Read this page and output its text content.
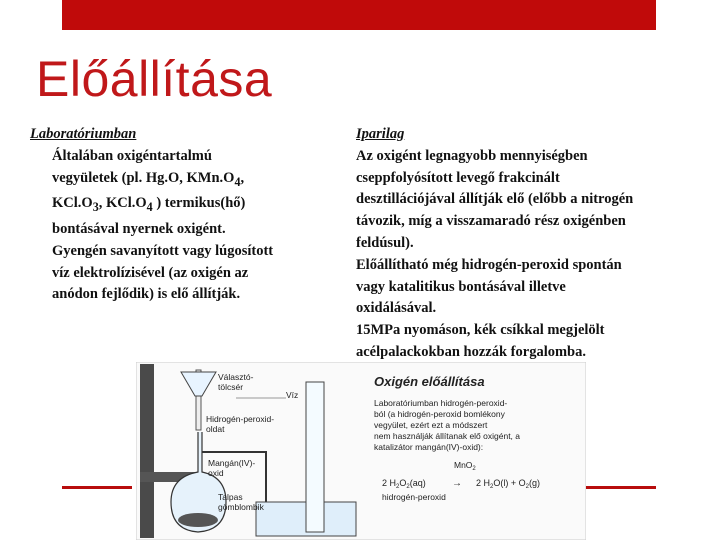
Előállítása
Laboratóriumban
Általában oxigéntartalmú
vegyületek (pl. Hg.O, $KMn.O_4$,
$KCl.O_3$, $KCl.O_4$ ) termikus(hő)
bontásával nyernek oxigént.
Gyengén savanyított vagy lúgosított
víz elektrolízisével (az oxigén az
anódon fejlődik) is elő állítják.
Iparilag
Az oxigént legnagyobb mennyiségben
cseppfolyósított levegő frakcinált
desztillációjával állítják elő (előbb a nitrogén
távozik, míg a visszamaradó rész oxigénben
feldúsul).
Előállítható még hidrogén-peroxid spontán
vagy katalitikus bontásával illetve
oxidálásával.
15MPa nyomáson, kék csíkkal megjelölt
acélpalackokban hozzák forgalomba.
Választó-
tölcsér
Víz
Hidrogén-peroxid-
oldat
Mangán(IV)-
oxid
Talpas
gömblombik
Oxigén előállítása
Laboratóriumban hidrogén-peroxid-
ból (a hidrogén-peroxid bomlékony
vegyület, ezért ezt a módszert
nem használják állítanak elő oxigént, a
katalizátor mangán(IV)-oxid):
MnO$_2$
2 $H_2O_2(aq)$	→ 2 $H_2O(l) + O_2(g)$
hidrogén-peroxid
